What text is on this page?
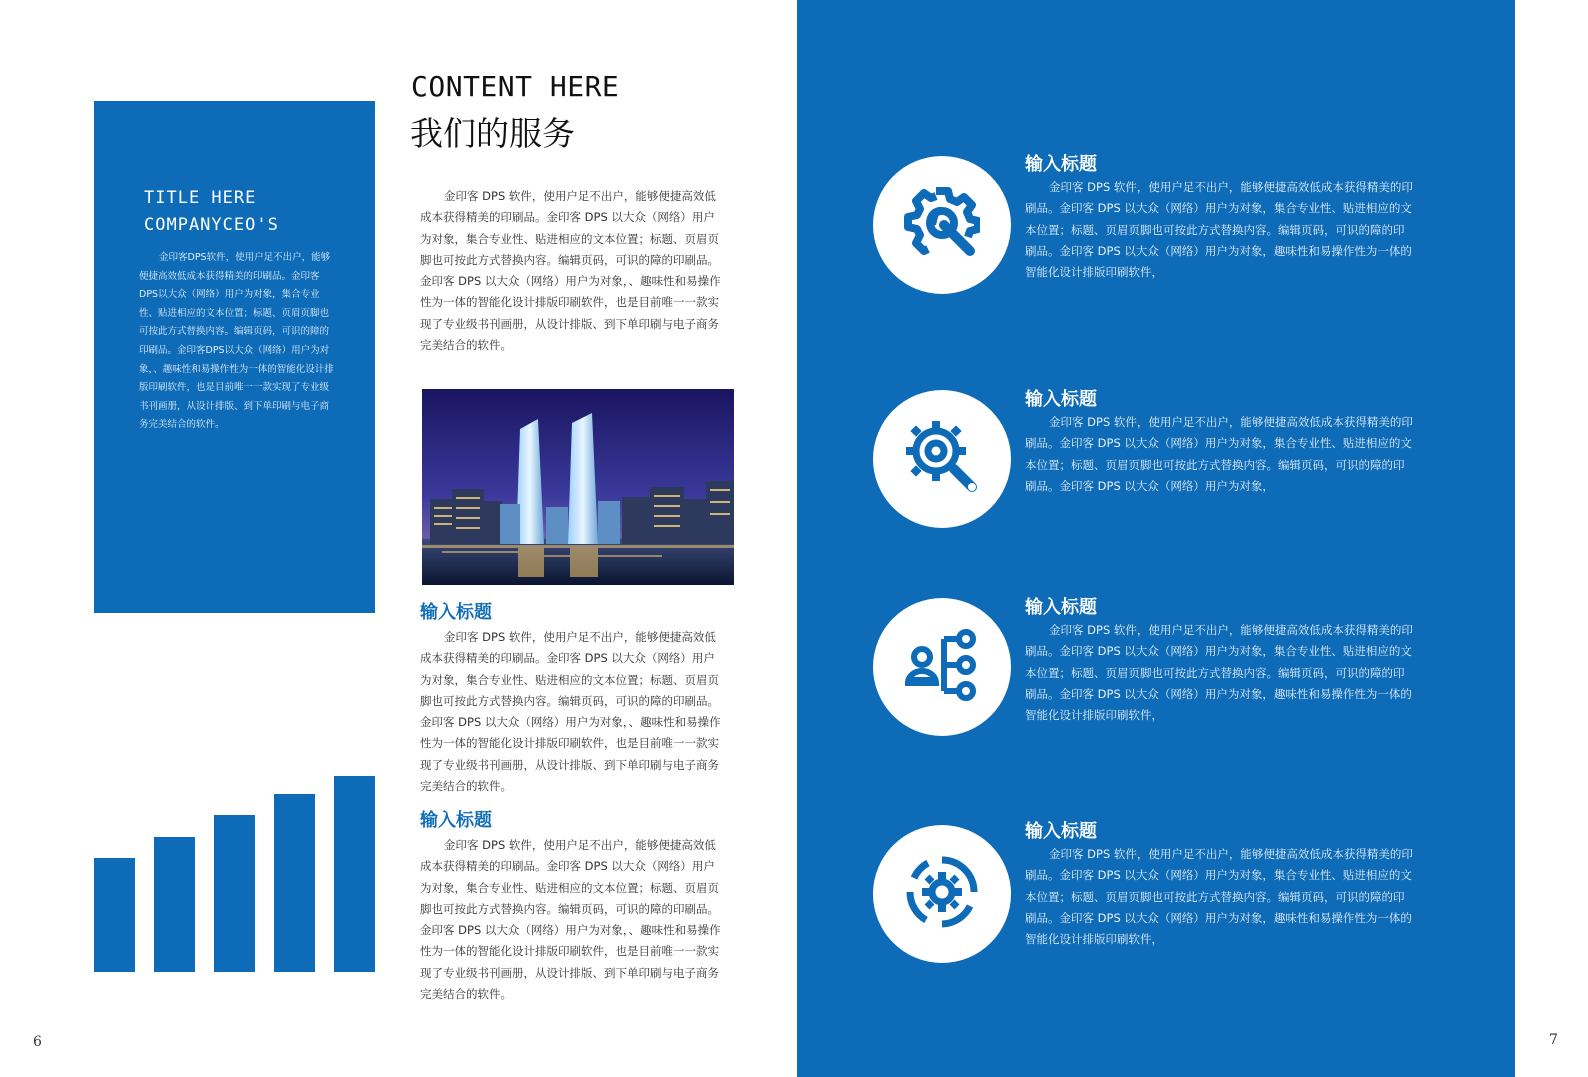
TITLE HERE
COMPANYCEO'S
金印客DPS软件，使用户足不出户，能够便捷高效低成本获得精美的印刷品。金印客DPS以大众（网络）用户为对象，集合专业性、贴进相应的文本位置；标题、页眉页脚也可按此方式替换内容。编辑页码，可识的障的印刷品。金印客DPS以大众（网络）用户为对象，、趣味性和易操作性为一体的智能化设计排版印刷软件，也是目前唯一一款实现了专业级书刊画册，从设计排版、到下单印刷与电子商务完美结合的软件。
CONTENT HERE
我们的服务
金印客 DPS 软件，使用户足不出户，能够便捷高效低成本获得精美的印刷品。金印客 DPS 以大众（网络）用户为对象，集合专业性、贴进相应的文本位置；标题、页眉页脚也可按此方式替换内容。编辑页码，可识的障的印刷品。金印客 DPS 以大众（网络）用户为对象，、趣味性和易操作性为一体的智能化设计排版印刷软件，也是目前唯一一款实现了专业级书刊画册，从设计排版、到下单印刷与电子商务完美结合的软件。
输入标题
金印客 DPS 软件，使用户足不出户，能够便捷高效低成本获得精美的印刷品。金印客 DPS 以大众（网络）用户为对象，集合专业性、贴进相应的文本位置；标题、页眉页脚也可按此方式替换内容。编辑页码，可识的障的印刷品。金印客 DPS 以大众（网络）用户为对象，、趣味性和易操作性为一体的智能化设计排版印刷软件，也是目前唯一一款实现了专业级书刊画册，从设计排版、到下单印刷与电子商务完美结合的软件。
输入标题
金印客 DPS 软件，使用户足不出户，能够便捷高效低成本获得精美的印刷品。金印客 DPS 以大众（网络）用户为对象，集合专业性、贴进相应的文本位置；标题、页眉页脚也可按此方式替换内容。编辑页码，可识的障的印刷品。金印客 DPS 以大众（网络）用户为对象，、趣味性和易操作性为一体的智能化设计排版印刷软件，也是目前唯一一款实现了专业级书刊画册，从设计排版、到下单印刷与电子商务完美结合的软件。
6
输入标题
金印客 DPS 软件，使用户足不出户，能够便捷高效低成本获得精美的印刷品。金印客 DPS 以大众（网络）用户为对象，集合专业性、贴进相应的文本位置；标题、页眉页脚也可按此方式替换内容。编辑页码，可识的障的印刷品。金印客 DPS 以大众（网络）用户为对象，趣味性和易操作性为一体的智能化设计排版印刷软件，
输入标题
金印客 DPS 软件，使用户足不出户，能够便捷高效低成本获得精美的印刷品。金印客 DPS 以大众（网络）用户为对象，集合专业性、贴进相应的文本位置；标题、页眉页脚也可按此方式替换内容。编辑页码，可识的障的印刷品。金印客 DPS 以大众（网络）用户为对象，
输入标题
金印客 DPS 软件，使用户足不出户，能够便捷高效低成本获得精美的印刷品。金印客 DPS 以大众（网络）用户为对象，集合专业性、贴进相应的文本位置；标题、页眉页脚也可按此方式替换内容。编辑页码，可识的障的印刷品。金印客 DPS 以大众（网络）用户为对象，趣味性和易操作性为一体的智能化设计排版印刷软件，
输入标题
金印客 DPS 软件，使用户足不出户，能够便捷高效低成本获得精美的印刷品。金印客 DPS 以大众（网络）用户为对象，集合专业性、贴进相应的文本位置；标题、页眉页脚也可按此方式替换内容。编辑页码，可识的障的印刷品。金印客 DPS 以大众（网络）用户为对象，趣味性和易操作性为一体的智能化设计排版印刷软件，
7
